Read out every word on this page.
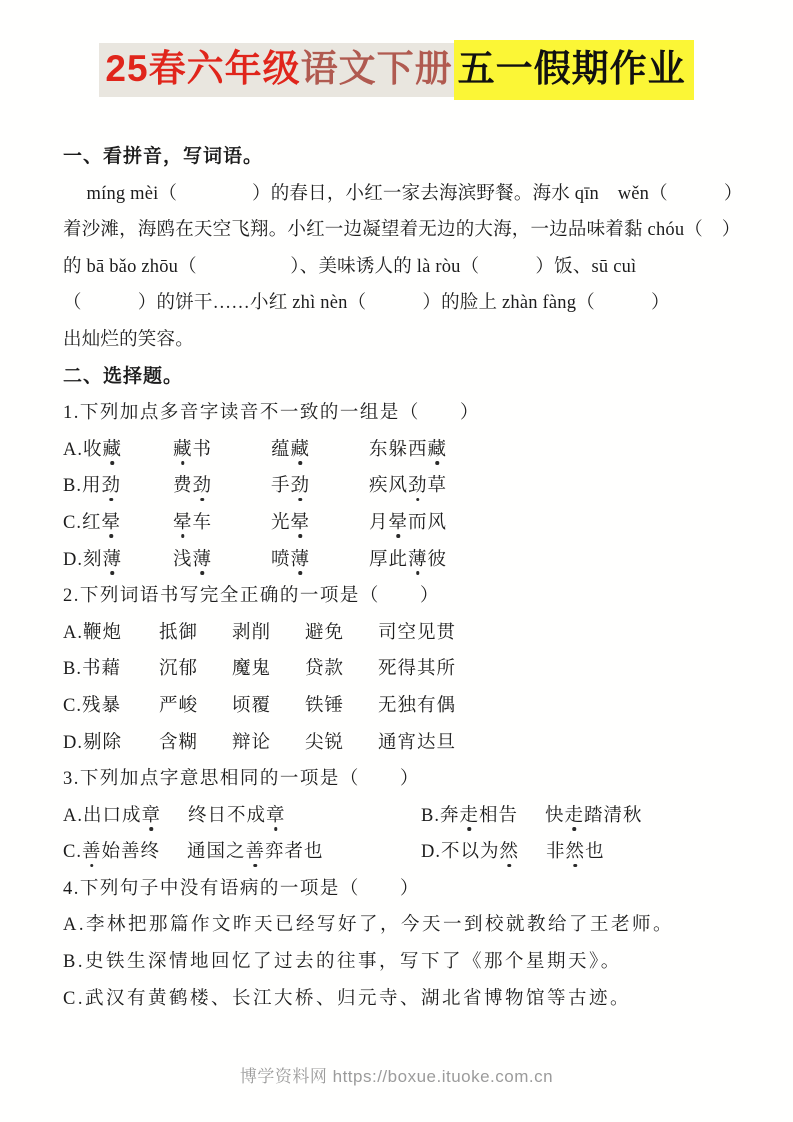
25春六年级语文下册 五一假期作业
一、看拼音，写词语。
　 míng mèi（　　　　）的春日，小红一家去海滨野餐。海水 qīn　wěn（　　　）
着沙滩，海鸥在天空飞翔。小红一边凝望着无边的大海，一边品味着黏 chóu（　）
的 bā bǎo zhōu（　　　　　）、美味诱人的 là ròu（　　　）饭、sū cuì
（　　　）的饼干……小红 zhì nèn（　　　）的脸上 zhàn fàng（　　　）
出灿烂的笑容。
二、选择题。
1.下列加点多音字读音不一致的一组是（　　）
A.收藏	藏书	蕴藏	东躲西藏
B.用劲	费劲	手劲	疾风劲草
C.红晕	晕车	光晕	月晕而风
D.刻薄	浅薄	喷薄	厚此薄彼
2.下列词语书写完全正确的一项是（　　）
A.鞭炮 抵御 剥削 避免 司空见贯
B.书藉 沉郁 魔鬼 贷款 死得其所
C.残暴 严峻 顷覆 铁锤 无独有偶
D.剔除 含糊 辩论 尖锐 通宵达旦
3.下列加点字意思相同的一项是（　　）
A.出口成章 终日不成章	B.奔走相告 快走踏清秋
C.善始善终 通国之善弈者也	D.不以为然 非然也
4.下列句子中没有语病的一项是（　　）
A.李林把那篇作文昨天已经写好了，今天一到校就教给了王老师。
B.史铁生深情地回忆了过去的往事，写下了《那个星期天》。
C.武汉有黄鹤楼、长江大桥、归元寺、湖北省博物馆等古迹。
博学资料网 https://boxue.ituoke.com.cn
